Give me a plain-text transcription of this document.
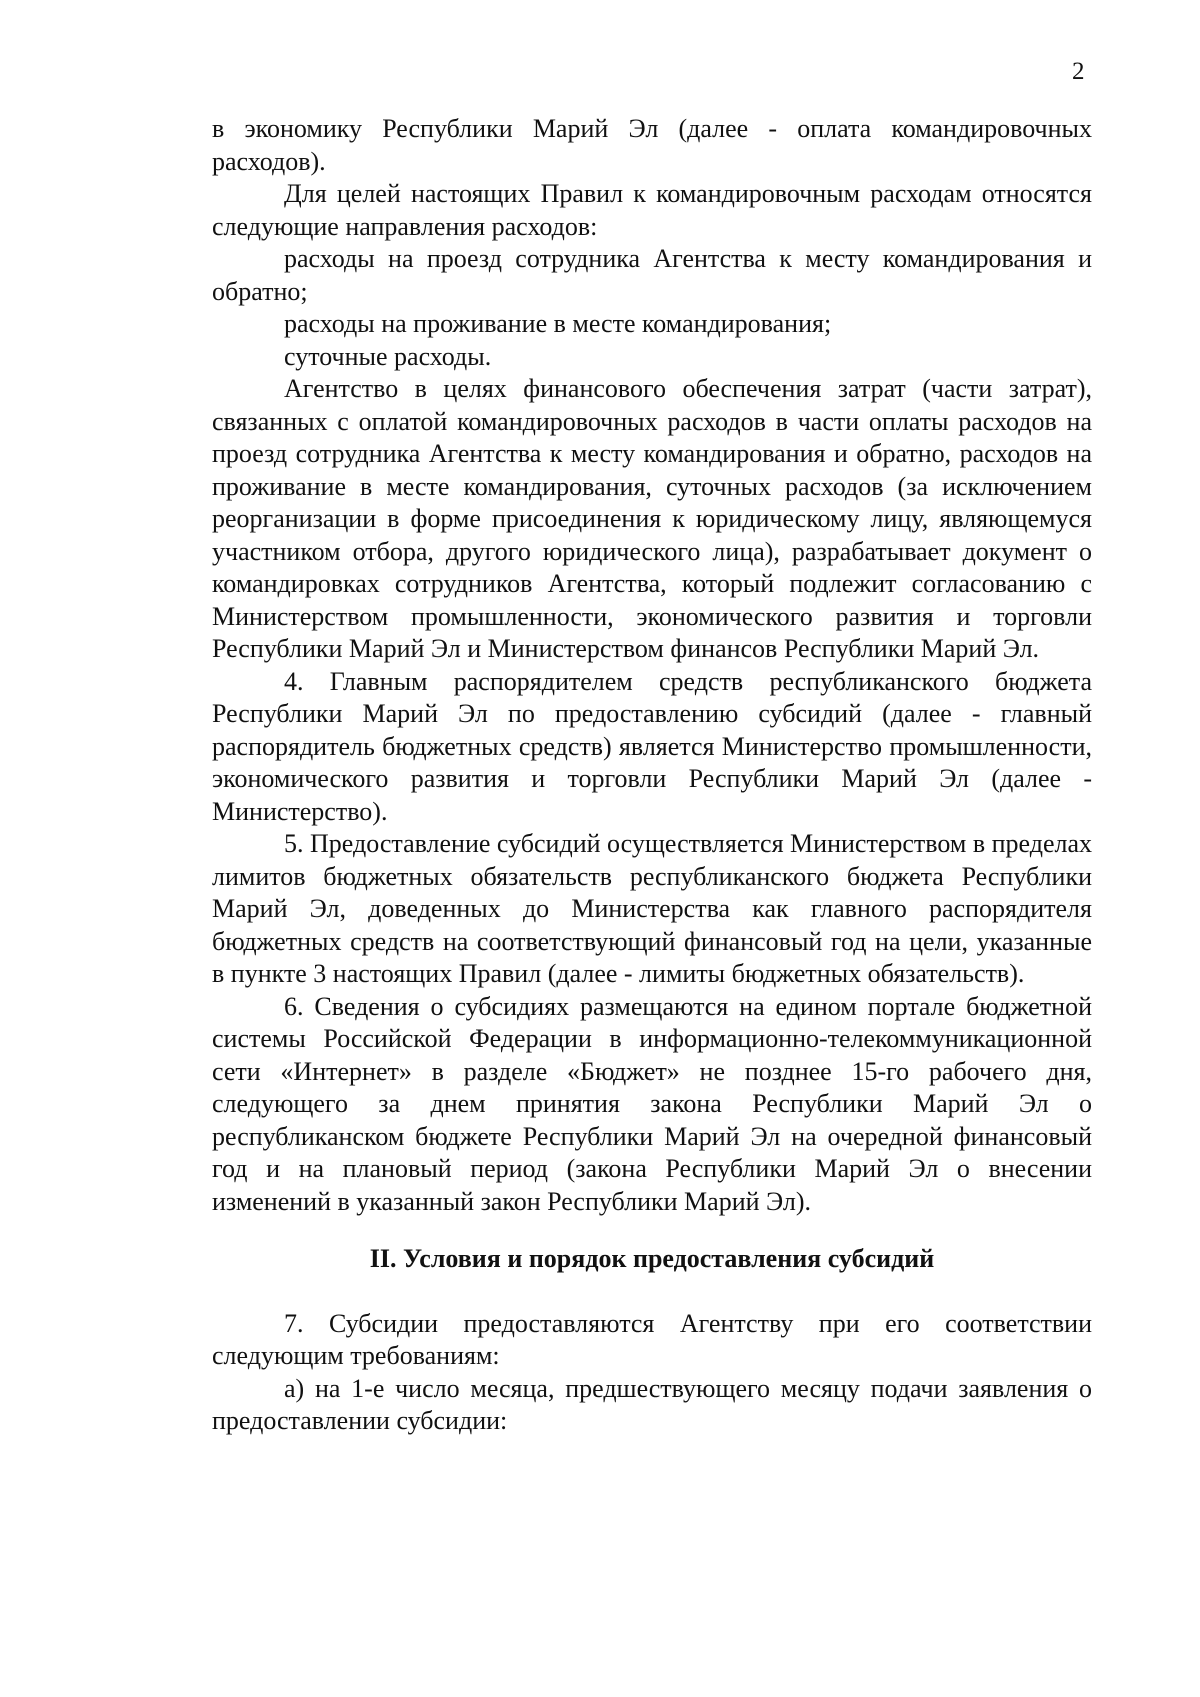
2

в экономику Республики Марий Эл (далее - оплата командировочных расходов).

Для целей настоящих Правил к командировочным расходам относятся следующие направления расходов:

расходы на проезд сотрудника Агентства к месту командирования и обратно;

расходы на проживание в месте командирования;

суточные расходы.

Агентство в целях финансового обеспечения затрат (части затрат), связанных с оплатой командировочных расходов в части оплаты расходов на проезд сотрудника Агентства к месту командирования и обратно, расходов на проживание в месте командирования, суточных расходов (за исключением реорганизации в форме присоединения к юридическому лицу, являющемуся участником отбора, другого юридического лица), разрабатывает документ о командировках сотрудников Агентства, который подлежит согласованию с Министерством промышленности, экономического развития и торговли Республики Марий Эл и Министерством финансов Республики Марий Эл.

4. Главным распорядителем средств республиканского бюджета Республики Марий Эл по предоставлению субсидий (далее - главный распорядитель бюджетных средств) является Министерство промышленности, экономического развития и торговли Республики Марий Эл (далее - Министерство).

5. Предоставление субсидий осуществляется Министерством в пределах лимитов бюджетных обязательств республиканского бюджета Республики Марий Эл, доведенных до Министерства как главного распорядителя бюджетных средств на соответствующий финансовый год на цели, указанные в пункте 3 настоящих Правил (далее - лимиты бюджетных обязательств).

6. Сведения о субсидиях размещаются на едином портале бюджетной системы Российской Федерации в информационно-телекоммуникационной сети «Интернет» в разделе «Бюджет» не позднее 15-го рабочего дня, следующего за днем принятия закона Республики Марий Эл о республиканском бюджете Республики Марий Эл на очередной финансовый год и на плановый период (закона Республики Марий Эл о внесении изменений в указанный закон Республики Марий Эл).

II. Условия и порядок предоставления субсидий

7. Субсидии предоставляются Агентству при его соответствии следующим требованиям:

а) на 1-е число месяца, предшествующего месяцу подачи заявления о предоставлении субсидии:
